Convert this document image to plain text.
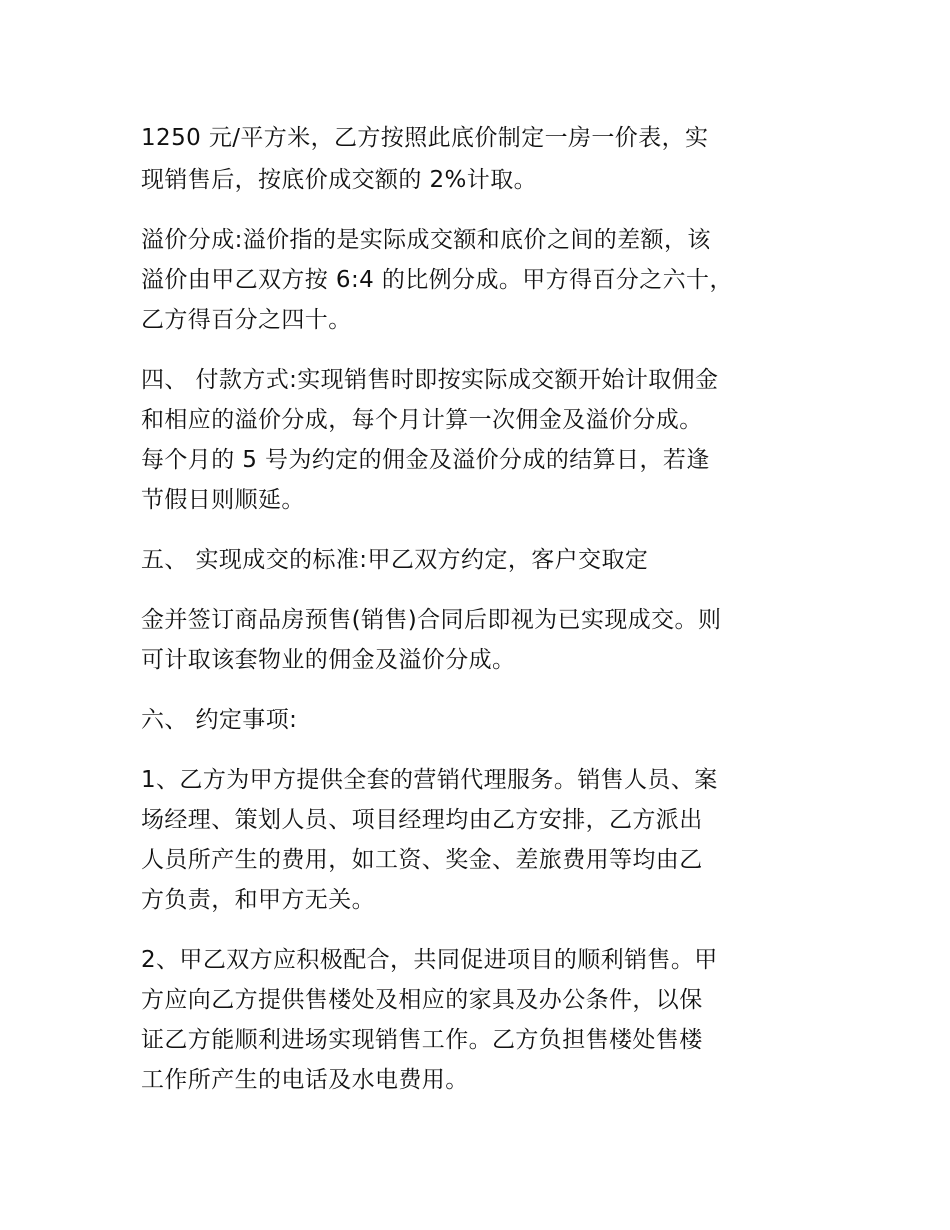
1250 元/平方米，乙方按照此底价制定一房一价表，实
现销售后，按底价成交额的 2%计取。
溢价分成:溢价指的是实际成交额和底价之间的差额，该
溢价由甲乙双方按 6:4 的比例分成。甲方得百分之六十，
乙方得百分之四十。
四、 付款方式:实现销售时即按实际成交额开始计取佣金
和相应的溢价分成，每个月计算一次佣金及溢价分成。
每个月的 5 号为约定的佣金及溢价分成的结算日，若逢
节假日则顺延。
五、 实现成交的标准:甲乙双方约定，客户交取定
金并签订商品房预售(销售)合同后即视为已实现成交。则
可计取该套物业的佣金及溢价分成。
六、 约定事项:
1、乙方为甲方提供全套的营销代理服务。销售人员、案
场经理、策划人员、项目经理均由乙方安排，乙方派出
人员所产生的费用，如工资、奖金、差旅费用等均由乙
方负责，和甲方无关。
2、甲乙双方应积极配合，共同促进项目的顺利销售。甲
方应向乙方提供售楼处及相应的家具及办公条件，以保
证乙方能顺利进场实现销售工作。乙方负担售楼处售楼
工作所产生的电话及水电费用。
